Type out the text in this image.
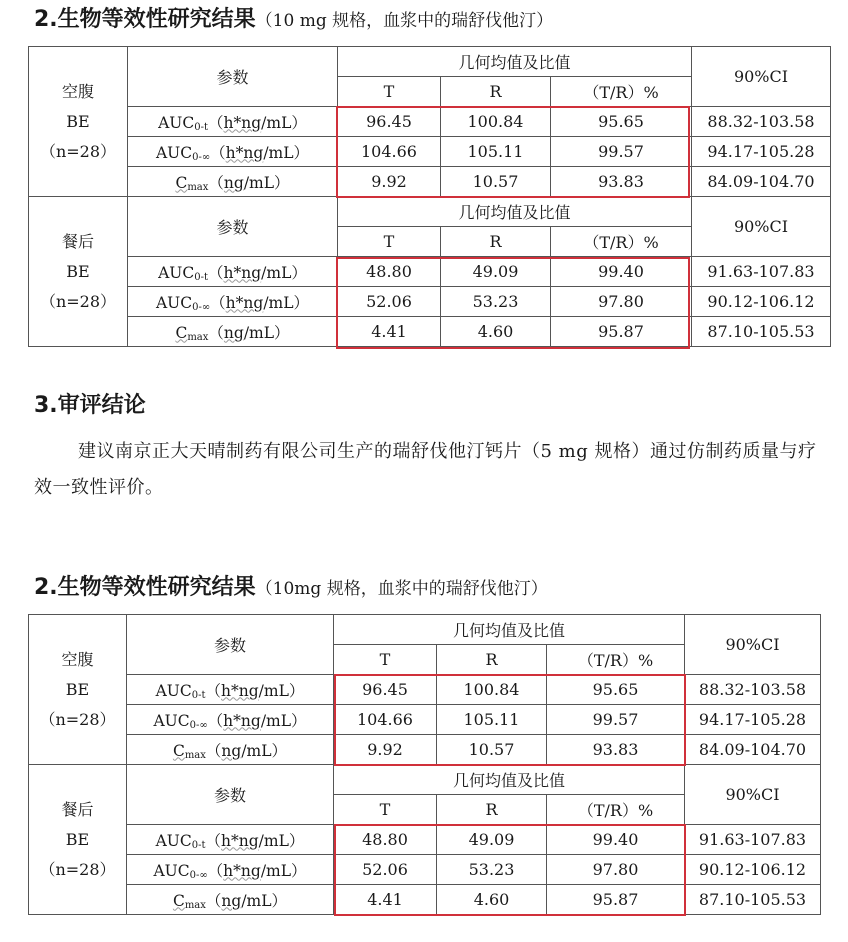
2.生物等效性研究结果（10 mg 规格，血浆中的瑞舒伐他汀）
空腹
BE
（n=28）	参数	几何均值及比值			90%CI
		T	R	（T/R）%	
	$AUC_{0-t}(h*ng/mL)$	96.45	100.84	95.65	88.32-103.58
	$AUC_{0-\infty}(h*ng/mL)$	104.66	105.11	99.57	94.17-105.28
	$C_{max}(ng/mL)$	9.92	10.57	93.83	84.09-104.70

餐后
BE
（n=28）	参数	几何均值及比值			90%CI
		T	R	（T/R）%	
	$AUC_{0-t}(h*ng/mL)$	48.80	49.09	99.40	91.63-107.83
	$AUC_{0-\infty}(h*ng/mL)$	52.06	53.23	97.80	90.12-106.12
	$C_{max}(ng/mL)$	4.41	4.60	95.87	87.10-105.53
3.审评结论
建议南京正大天晴制药有限公司生产的瑞舒伐他汀钙片（5 mg 规格）通过仿制药质量与疗效一致性评价。
2.生物等效性研究结果（10mg 规格，血浆中的瑞舒伐他汀）
空腹
BE
（n=28）	参数	几何均值及比值			90%CI
		T	R	（T/R）%	
	$AUC_{0-t}(h*ng/mL)$	96.45	100.84	95.65	88.32-103.58
	$AUC_{0-\infty}(h*ng/mL)$	104.66	105.11	99.57	94.17-105.28
	$C_{max}(ng/mL)$	9.92	10.57	93.83	84.09-104.70

餐后
BE
（n=28）	参数	几何均值及比值			90%CI
		T	R	（T/R）%	
	$AUC_{0-t}(h*ng/mL)$	48.80	49.09	99.40	91.63-107.83
	$AUC_{0-\infty}(h*ng/mL)$	52.06	53.23	97.80	90.12-106.12
	$C_{max}(ng/mL)$	4.41	4.60	95.87	87.10-105.53
